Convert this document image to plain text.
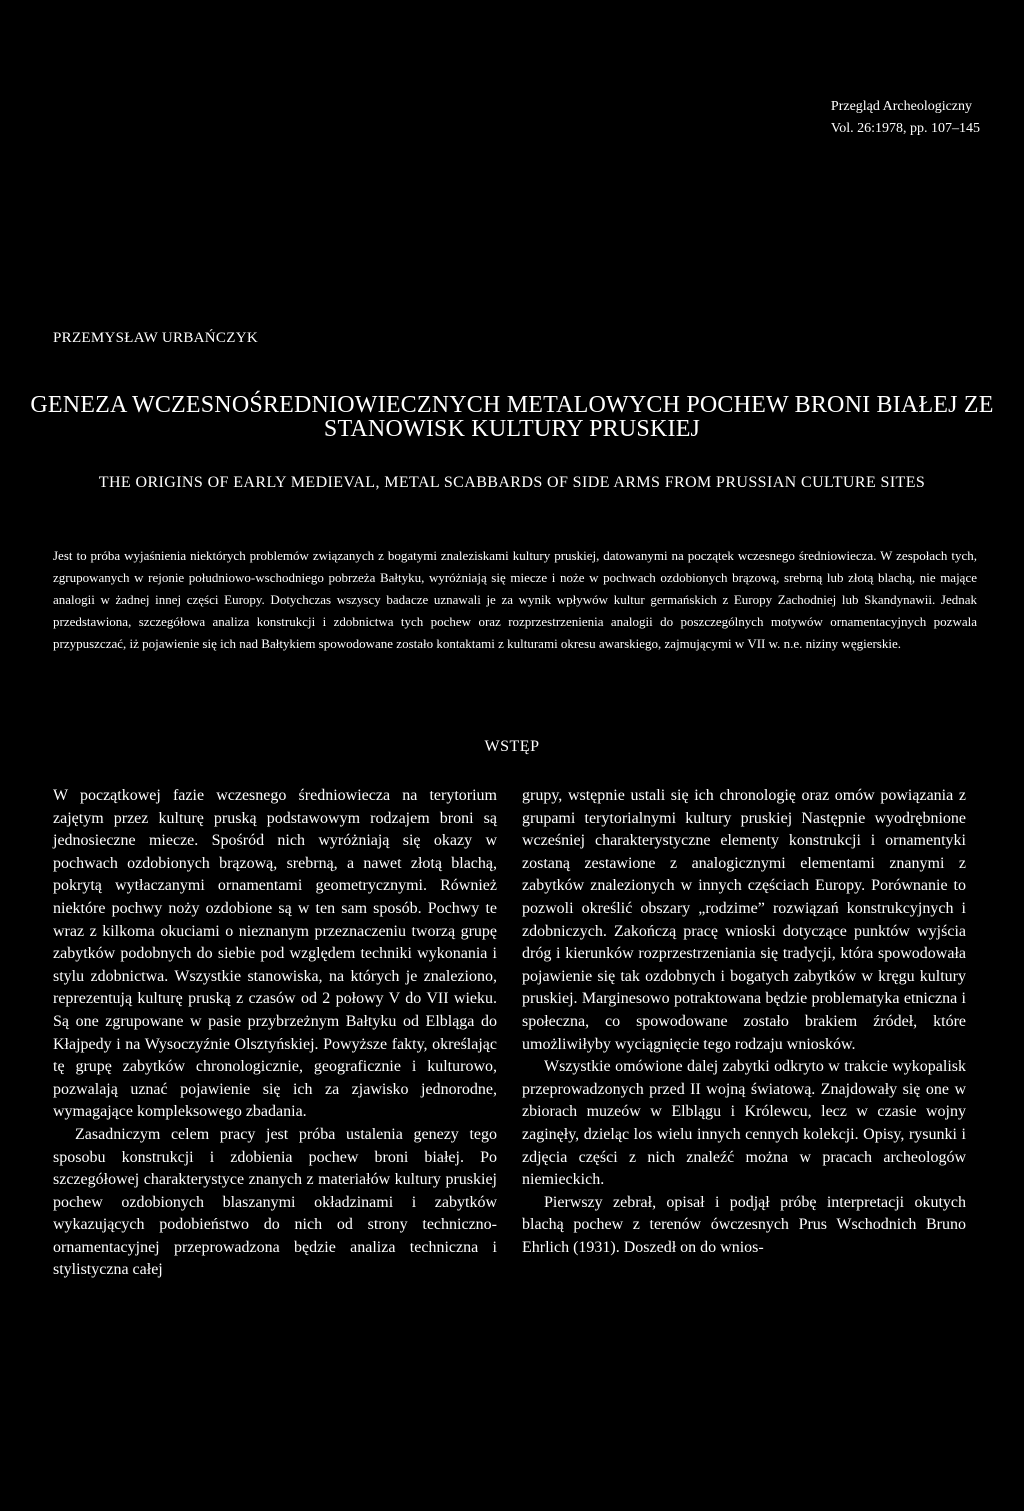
Przegląd Archeologiczny
Vol. 26:1978, pp. 107–145
PRZEMYSŁAW URBAŃCZYK
GENEZA WCZESNOŚREDNIOWIECZNYCH METALOWYCH POCHEW BRONI BIAŁEJ ZE STANOWISK KULTURY PRUSKIEJ
THE ORIGINS OF EARLY MEDIEVAL, METAL SCABBARDS OF SIDE ARMS FROM PRUSSIAN CULTURE SITES
Jest to próba wyjaśnienia niektórych problemów związanych z bogatymi znaleziskami kultury pruskiej, datowanymi na początek wczesnego średniowiecza. W zespołach tych, zgrupowanych w rejonie południowo-wschodniego pobrzeża Bałtyku, wyróżniają się miecze i noże w pochwach ozdobionych brązową, srebrną lub złotą blachą, nie mające analogii w żadnej innej części Europy. Dotychczas wszyscy badacze uznawali je za wynik wpływów kultur germańskich z Europy Zachodniej lub Skandynawii. Jednak przedstawiona, szczegółowa analiza konstrukcji i zdobnictwa tych pochew oraz rozprzestrzenienia analogii do poszczególnych motywów ornamentacyjnych pozwala przypuszczać, iż pojawienie się ich nad Bałtykiem spowodowane zostało kontaktami z kulturami okresu awarskiego, zajmującymi w VII w. n.e. niziny węgierskie.
WSTĘP

W początkowej fazie wczesnego średniowiecza na terytorium zajętym przez kulturę pruską podstawowym rodzajem broni są jednosieczne miecze. Spośród nich wyróżniają się okazy w pochwach ozdobionych brązową, srebrną, a nawet złotą blachą, pokrytą wytłaczanymi ornamentami geometrycznymi. Również niektóre pochwy noży ozdobione są w ten sam sposób. Pochwy te wraz z kilkoma okuciami o nieznanym przeznaczeniu tworzą grupę zabytków podobnych do siebie pod względem techniki wykonania i stylu zdobnictwa. Wszystkie stanowiska, na których je znaleziono, reprezentują kulturę pruską z czasów od 2 połowy V do VII wieku. Są one zgrupowane w pasie przybrzeżnym Bałtyku od Elbląga do Kłajpedy i na Wysoczyźnie Olsztyńskiej. Powyższe fakty, określając tę grupę zabytków chronologicznie, geograficznie i kulturowo, pozwalają uznać pojawienie się ich za zjawisko jednorodne, wymagające kompleksowego zbadania.

Zasadniczym celem pracy jest próba ustalenia genezy tego sposobu konstrukcji i zdobienia pochew broni białej. Po szczegółowej charakterystyce znanych z materiałów kultury pruskiej pochew ozdobionych blaszanymi okładzinami i zabytków wykazujących podobieństwo do nich od strony techniczno-ornamentacyjnej przeprowadzona będzie analiza techniczna i stylistyczna całej

grupy, wstępnie ustali się ich chronologię oraz omów powiązania z grupami terytorialnymi kultury pruskiej Następnie wyodrębnione wcześniej charakterystyczne elementy konstrukcji i ornamentyki zostaną zestawione z analogicznymi elementami znanymi z zabytków znalezionych w innych częściach Europy. Porównanie to pozwoli określić obszary „rodzime” rozwiązań konstrukcyjnych i zdobniczych. Zakończą pracę wnioski dotyczące punktów wyjścia dróg i kierunków rozprzestrzeniania się tradycji, która spowodowała pojawienie się tak ozdobnych i bogatych zabytków w kręgu kultury pruskiej. Marginesowo potraktowana będzie problematyka etniczna i społeczna, co spowodowane zostało brakiem źródeł, które umożliwiłyby wyciągnięcie tego rodzaju wniosków.

Wszystkie omówione dalej zabytki odkryto w trakcie wykopalisk przeprowadzonych przed II wojną światową. Znajdowały się one w zbiorach muzeów w Elblągu i Królewcu, lecz w czasie wojny zaginęły, dzieląc los wielu innych cennych kolekcji. Opisy, rysunki i zdjęcia części z nich znaleźć można w pracach archeologów niemieckich.

Pierwszy zebrał, opisał i podjął próbę interpretacji okutych blachą pochew z terenów ówczesnych Prus Wschodnich Bruno Ehrlich (1931). Doszedł on do wnios-
